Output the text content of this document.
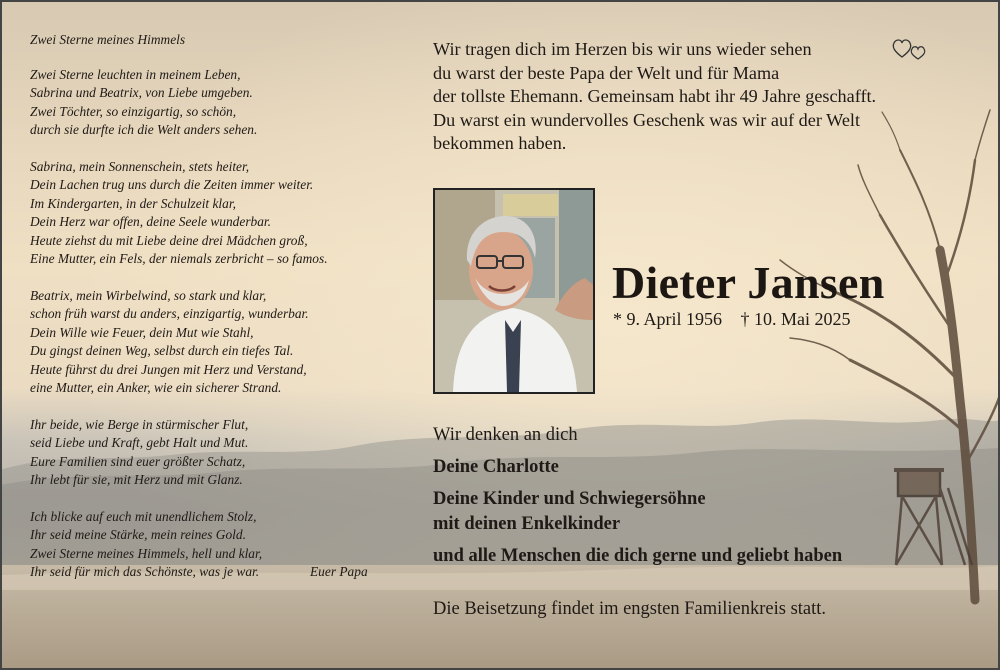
Zwei Sterne meines Himmels
Zwei Sterne leuchten in meinem Leben,
Sabrina und Beatrix, von Liebe umgeben.
Zwei Töchter, so einzigartig, so schön,
durch sie durfte ich die Welt anders sehen.
Sabrina, mein Sonnenschein, stets heiter,
Dein Lachen trug uns durch die Zeiten immer weiter.
Im Kindergarten, in der Schulzeit klar,
Dein Herz war offen, deine Seele wunderbar.
Heute ziehst du mit Liebe deine drei Mädchen groß,
Eine Mutter, ein Fels, der niemals zerbricht – so famos.
Beatrix, mein Wirbelwind, so stark und klar,
schon früh warst du anders, einzigartig, wunderbar.
Dein Wille wie Feuer, dein Mut wie Stahl,
Du gingst deinen Weg, selbst durch ein tiefes Tal.
Heute führst du drei Jungen mit Herz und Verstand,
eine Mutter, ein Anker, wie ein sicherer Strand.
Ihr beide, wie Berge in stürmischer Flut,
seid Liebe und Kraft, gebt Halt und Mut.
Eure Familien sind euer größter Schatz,
Ihr lebt für sie, mit Herz und mit Glanz.
Ich blicke auf euch mit unendlichem Stolz,
Ihr seid meine Stärke, mein reines Gold.
Zwei Sterne meines Himmels, hell und klar,
Ihr seid für mich das Schönste, was je war.	Euer Papa
Wir tragen dich im Herzen bis wir uns wieder sehen
du warst der beste Papa der Welt und für Mama
der tollste Ehemann. Gemeinsam habt ihr 49 Jahre geschafft.
Du warst ein wundervolles Geschenk was wir auf der Welt
bekommen haben.
Dieter Jansen
* 9. April 1956 † 10. Mai 2025
Wir denken an dich
Deine Charlotte
Deine Kinder und Schwiegersöhne
mit deinen Enkelkinder
und alle Menschen die dich gerne und geliebt haben
Die Beisetzung findet im engsten Familienkreis statt.
